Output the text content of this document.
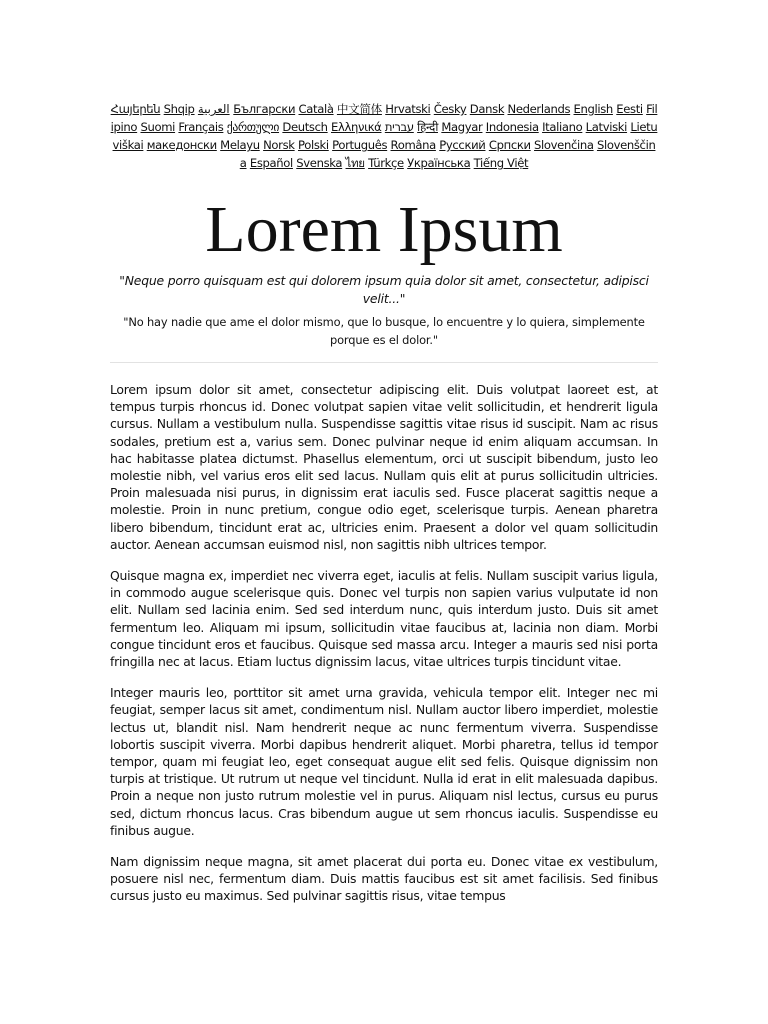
Հայերեն Shqip العربية Български Català 中文简体 Hrvatski Česky Dansk Nederlands English Eesti Filipino Suomi Français ქართული Deutsch Ελληνικά עברית हिन्दी Magyar Indonesia Italiano Latviski Lietuviškai македонски Melayu Norsk Polski Português Româna Pусский Српски Slovenčina Slovenščina Español Svenska ไทย Türkçe Українська Tiếng Việt
Lorem Ipsum

"Neque porro quisquam est qui dolorem ipsum quia dolor sit amet, consectetur, adipisci velit..."

"No hay nadie que ame el dolor mismo, que lo busque, lo encuentre y lo quiera, simplemente porque es el dolor."

Lorem ipsum dolor sit amet, consectetur adipiscing elit. Duis volutpat laoreet est, at tempus turpis rhoncus id. Donec volutpat sapien vitae velit sollicitudin, et hendrerit ligula cursus. Nullam a vestibulum nulla. Suspendisse sagittis vitae risus id suscipit. Nam ac risus sodales, pretium est a, varius sem. Donec pulvinar neque id enim aliquam accumsan. In hac habitasse platea dictumst. Phasellus elementum, orci ut suscipit bibendum, justo leo molestie nibh, vel varius eros elit sed lacus. Nullam quis elit at purus sollicitudin ultricies. Proin malesuada nisi purus, in dignissim erat iaculis sed. Fusce placerat sagittis neque a molestie. Proin in nunc pretium, congue odio eget, scelerisque turpis. Aenean pharetra libero bibendum, tincidunt erat ac, ultricies enim. Praesent a dolor vel quam sollicitudin auctor. Aenean accumsan euismod nisl, non sagittis nibh ultrices tempor.

Quisque magna ex, imperdiet nec viverra eget, iaculis at felis. Nullam suscipit varius ligula, in commodo augue scelerisque quis. Donec vel turpis non sapien varius vulputate id non elit. Nullam sed lacinia enim. Sed sed interdum nunc, quis interdum justo. Duis sit amet fermentum leo. Aliquam mi ipsum, sollicitudin vitae faucibus at, lacinia non diam. Morbi congue tincidunt eros et faucibus. Quisque sed massa arcu. Integer a mauris sed nisi porta fringilla nec at lacus. Etiam luctus dignissim lacus, vitae ultrices turpis tincidunt vitae.

Integer mauris leo, porttitor sit amet urna gravida, vehicula tempor elit. Integer nec mi feugiat, semper lacus sit amet, condimentum nisl. Nullam auctor libero imperdiet, molestie lectus ut, blandit nisl. Nam hendrerit neque ac nunc fermentum viverra. Suspendisse lobortis suscipit viverra. Morbi dapibus hendrerit aliquet. Morbi pharetra, tellus id tempor tempor, quam mi feugiat leo, eget consequat augue elit sed felis. Quisque dignissim non turpis at tristique. Ut rutrum ut neque vel tincidunt. Nulla id erat in elit malesuada dapibus. Proin a neque non justo rutrum molestie vel in purus. Aliquam nisl lectus, cursus eu purus sed, dictum rhoncus lacus. Cras bibendum augue ut sem rhoncus iaculis. Suspendisse eu finibus augue.

Nam dignissim neque magna, sit amet placerat dui porta eu. Donec vitae ex vestibulum, posuere nisl nec, fermentum diam. Duis mattis faucibus est sit amet facilisis. Sed finibus cursus justo eu maximus. Sed pulvinar sagittis risus, vitae tempus
